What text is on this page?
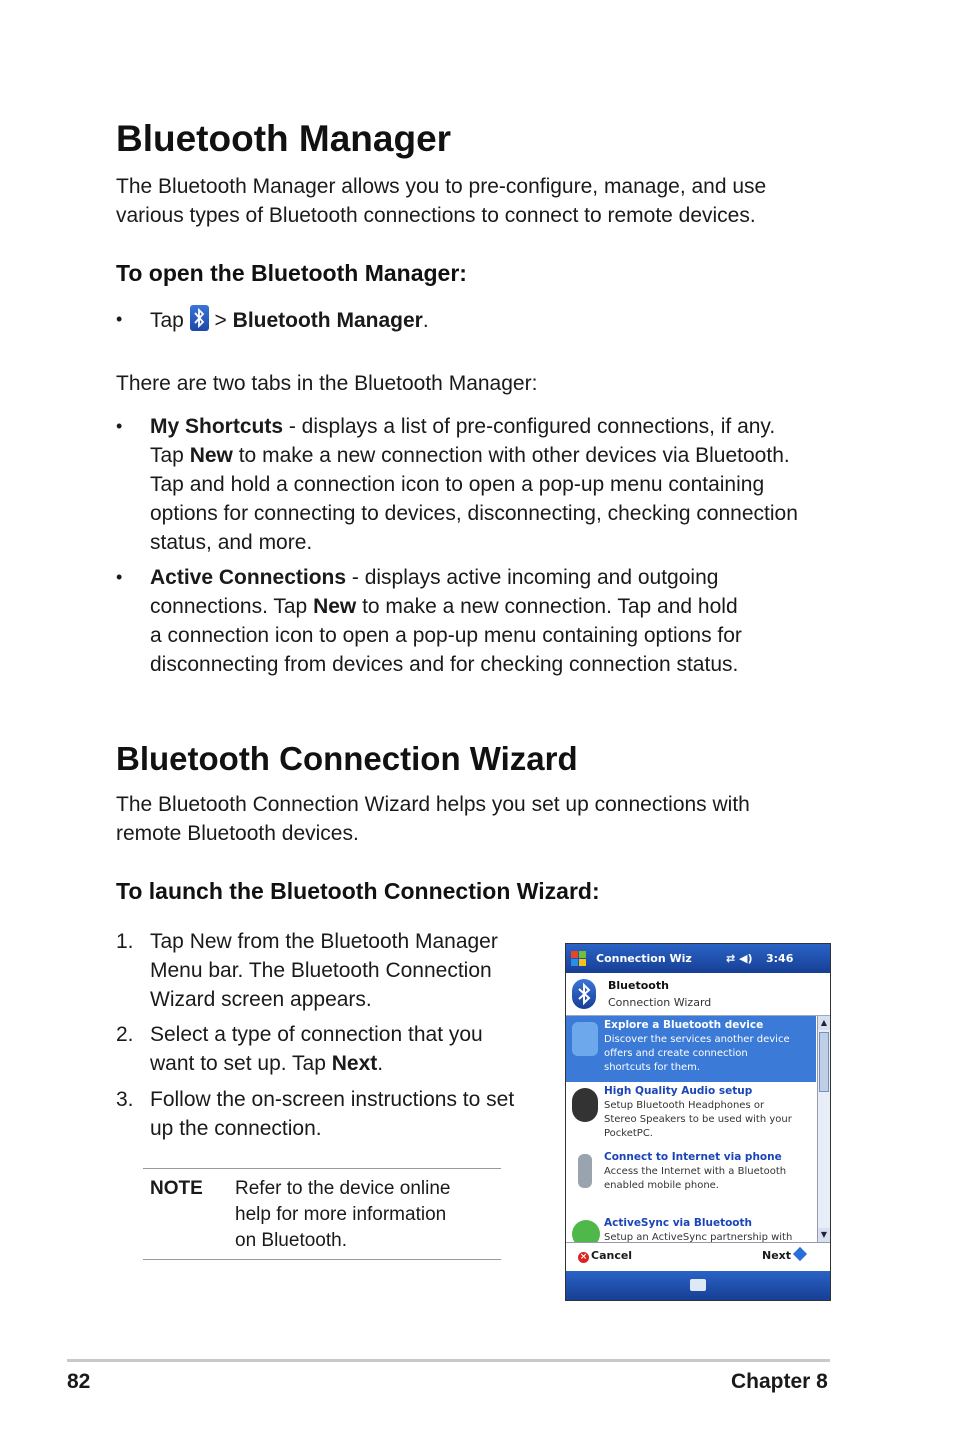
Bluetooth Manager
The Bluetooth Manager allows you to pre-configure, manage, and use
various types of Bluetooth connections to connect to remote devices.
To open the Bluetooth Manager:
• Tap > Bluetooth Manager.
There are two tabs in the Bluetooth Manager:
• My Shortcuts - displays a list of pre-configured connections, if any.
Tap New to make a new connection with other devices via Bluetooth.
Tap and hold a connection icon to open a pop-up menu containing
options for connecting to devices, disconnecting, checking connection
status, and more.
• Active Connections - displays active incoming and outgoing
connections. Tap New to make a new connection. Tap and hold
a connection icon to open a pop-up menu containing options for
disconnecting from devices and for checking connection status.
Bluetooth Connection Wizard
The Bluetooth Connection Wizard helps you set up connections with
remote Bluetooth devices.
To launch the Bluetooth Connection Wizard:
1. Tap New from the Bluetooth Manager
Menu bar. The Bluetooth Connection
Wizard screen appears.
2. Select a type of connection that you
want to set up. Tap Next.
3. Follow the on-screen instructions to set
up the connection.
NOTE Refer to the device online
help for more information
on Bluetooth.
Connection Wiz	⇄ ◀) 3:46
Bluetooth
Connection Wizard
Explore a Bluetooth device
Discover the services another device
offers and create connection
shortcuts for them.
High Quality Audio setup
Setup Bluetooth Headphones or
Stereo Speakers to be used with your
PocketPC.
Connect to Internet via phone
Access the Internet with a Bluetooth
enabled mobile phone.
ActiveSync via Bluetooth
Setup an ActiveSync partnership with
▲
▼
× Cancel	Next
82	Chapter 8
